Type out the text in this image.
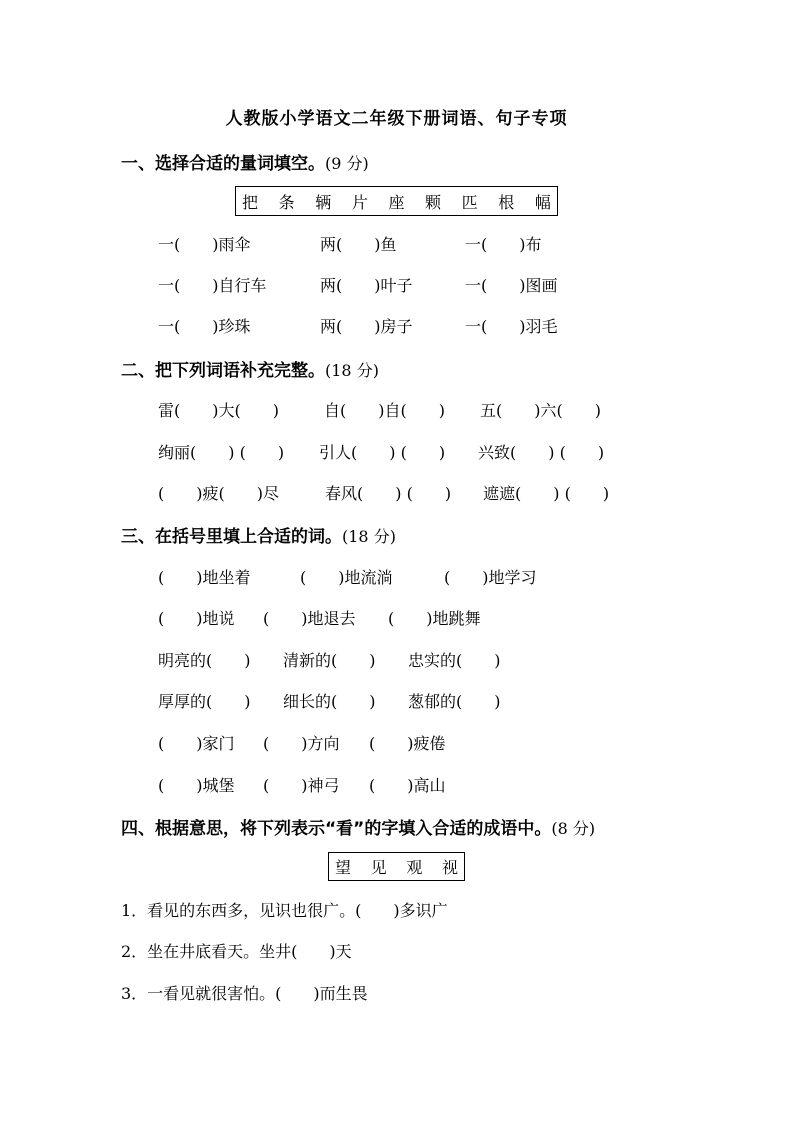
人教版小学语文二年级下册词语、句子专项
一、选择合适的量词填空。(9 分)
把 条 辆 片 座 颗 匹 根 幅
一(　　)雨伞	两(　　)鱼	一(　　)布
一(　　)自行车	两(　　)叶子	一(　　)图画
一(　　)珍珠	两(　　)房子	一(　　)羽毛
二、把下列词语补充完整。(18 分)
雷(　　)大(　　)	自(　　)自(　　) 五(　　)六(　　)
绚丽(　　) (　　) 引人(　　) (　　) 兴致(　　) (　　)
(　　)疲(　　)尽	春风(　　) (　　) 遮遮(　　) (　　)
三、在括号里填上合适的词。(18 分)
(　　)地坐着	(　　)地流淌	(　　)地学习
(　　)地说 (　　)地退去 (　　)地跳舞
明亮的(　　) 清新的(　　) 忠实的(　　)
厚厚的(　　) 细长的(　　) 葱郁的(　　)
(　　)家门 (　　)方向 (　　)疲倦
(　　)城堡 (　　)神弓 (　　)高山
四、根据意思，将下列表示“看”的字填入合适的成语中。(8 分)
望 见 观 视
1．看见的东西多，见识也很广。(　　)多识广
2．坐在井底看天。坐井(　　)天
3．一看见就很害怕。(　　)而生畏
